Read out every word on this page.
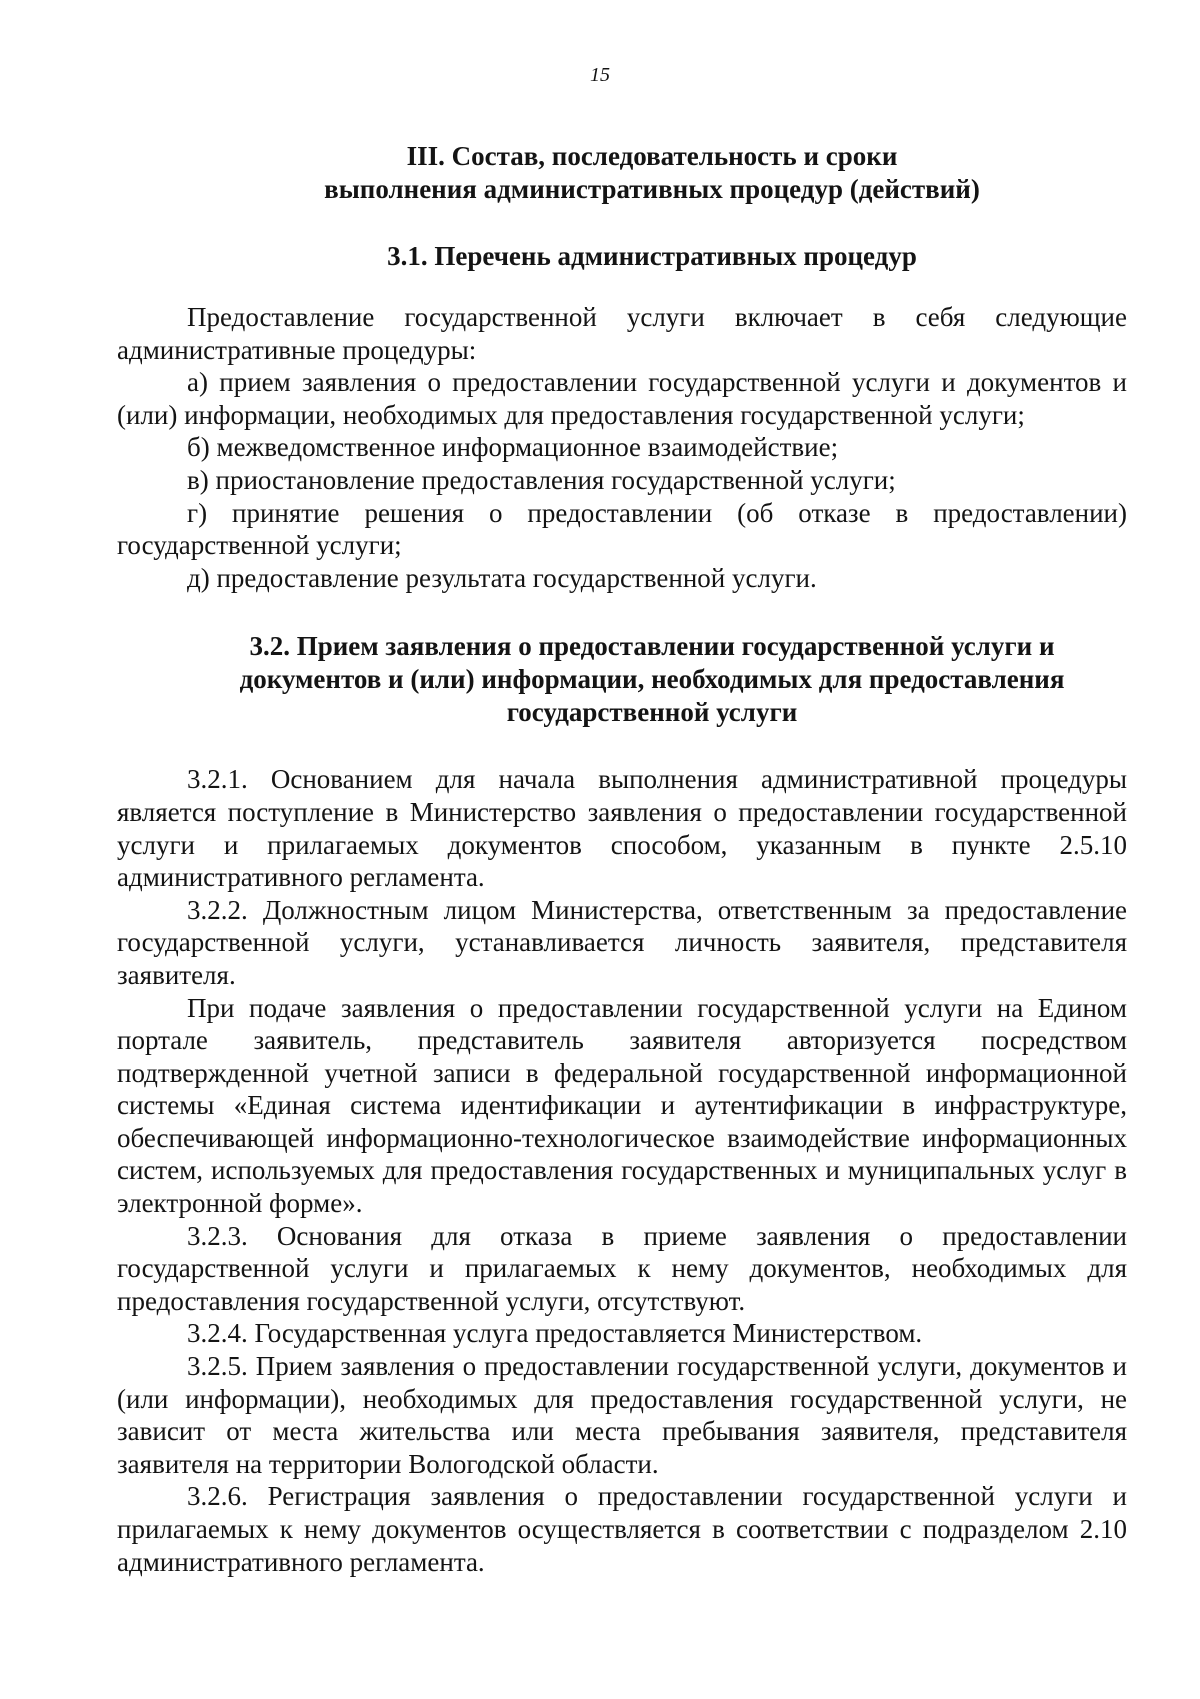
15
III. Состав, последовательность и сроки
выполнения административных процедур (действий)
3.1. Перечень административных процедур

Предоставление государственной услуги включает в себя следующие административные процедуры:

а) прием заявления о предоставлении государственной услуги и документов и (или) информации, необходимых для предоставления государственной услуги;

б) межведомственное информационное взаимодействие;

в) приостановление предоставления государственной услуги;

г) принятие решения о предоставлении (об отказе в предоставлении) государственной услуги;

д) предоставление результата государственной услуги.

3.2. Прием заявления о предоставлении государственной услуги и
документов и (или) информации, необходимых для предоставления
государственной услуги

3.2.1. Основанием для начала выполнения административной процедуры является поступление в Министерство заявления о предоставлении государственной услуги и прилагаемых документов способом, указанным в пункте 2.5.10 административного регламента.

3.2.2. Должностным лицом Министерства, ответственным за предоставление государственной услуги, устанавливается личность заявителя, представителя заявителя.

При подаче заявления о предоставлении государственной услуги на Едином портале заявитель, представитель заявителя авторизуется посредством подтвержденной учетной записи в федеральной государственной информационной системы «Единая система идентификации и аутентификации в инфраструктуре, обеспечивающей информационно-технологическое взаимодействие информационных систем, используемых для предоставления государственных и муниципальных услуг в электронной форме».

3.2.3. Основания для отказа в приеме заявления о предоставлении государственной услуги и прилагаемых к нему документов, необходимых для предоставления государственной услуги, отсутствуют.

3.2.4. Государственная услуга предоставляется Министерством.

3.2.5. Прием заявления о предоставлении государственной услуги, документов и (или информации), необходимых для предоставления государственной услуги, не зависит от места жительства или места пребывания заявителя, представителя заявителя на территории Вологодской области.

3.2.6. Регистрация заявления о предоставлении государственной услуги и прилагаемых к нему документов осуществляется в соответствии с подразделом 2.10 административного регламента.
